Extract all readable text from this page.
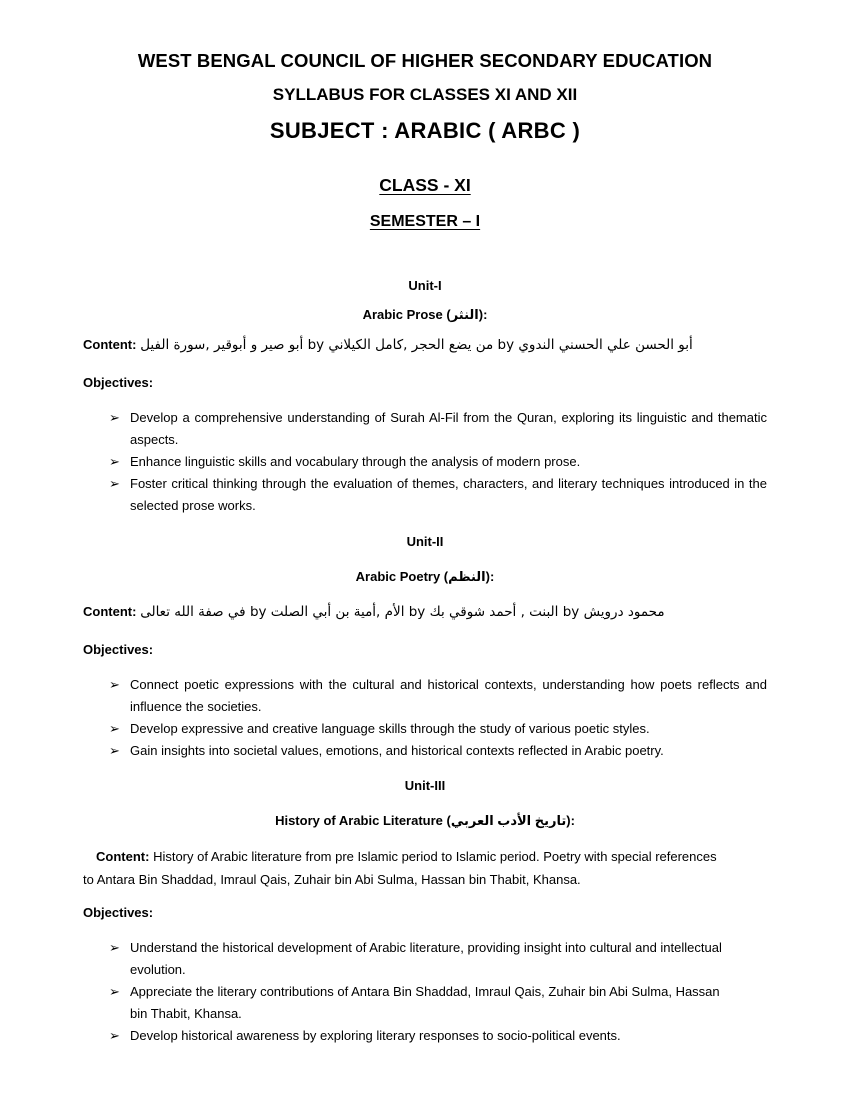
WEST BENGAL COUNCIL OF HIGHER SECONDARY EDUCATION
SYLLABUS FOR CLASSES XI AND XII
SUBJECT : ARABIC ( ARBC )
CLASS - XI
SEMESTER – I
Unit-I
Arabic Prose (النثر):
Content: أبو الحسن علي الحسني الندوي by من يضع الحجر ,كامل الكيلاني by أبو صير و أبوقير ,سورة الفيل
Objectives:
➢ Develop a comprehensive understanding of Surah Al-Fil from the Quran, exploring its linguistic and thematic aspects.
➢ Enhance linguistic skills and vocabulary through the analysis of modern prose.
➢ Foster critical thinking through the evaluation of themes, characters, and literary techniques introduced in the selected prose works.
Unit-II
Arabic Poetry (النظم):
Content: محمود درويش by البنت , أحمد شوقي بك by الأم ,أمية بن أبي الصلت by في صفة الله تعالى
Objectives:
➢ Connect poetic expressions with the cultural and historical contexts, understanding how poets reflects and influence the societies.
➢ Develop expressive and creative language skills through the study of various poetic styles.
➢ Gain insights into societal values, emotions, and historical contexts reflected in Arabic poetry.
Unit-III
History of Arabic Literature (تاريخ الأدب العربي):
Content: History of Arabic literature from pre Islamic period to Islamic period. Poetry with special references to Antara Bin Shaddad, Imraul Qais, Zuhair bin Abi Sulma, Hassan bin Thabit, Khansa.
Objectives:
➢ Understand the historical development of Arabic literature, providing insight into cultural and intellectual evolution.
➢ Appreciate the literary contributions of Antara Bin Shaddad, Imraul Qais, Zuhair bin Abi Sulma, Hassan bin Thabit, Khansa.
➢ Develop historical awareness by exploring literary responses to socio-political events.
